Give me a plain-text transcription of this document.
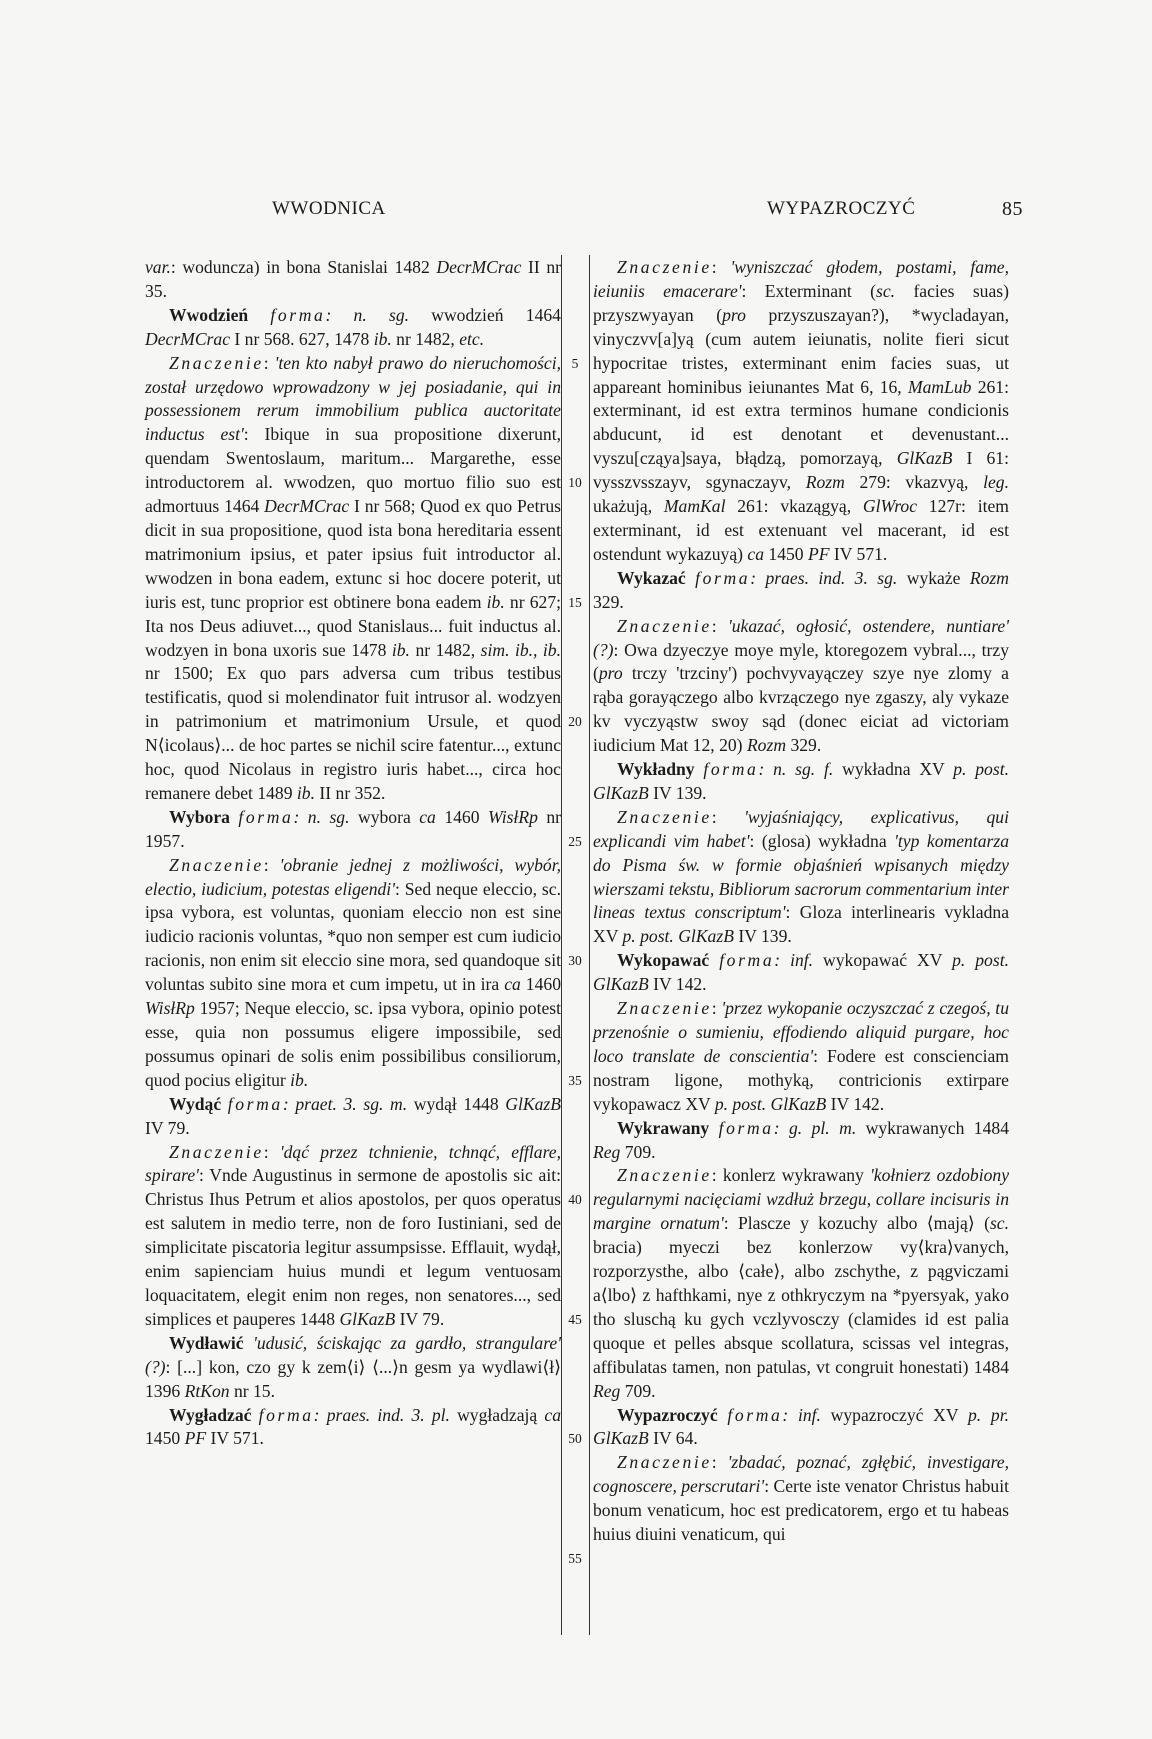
WWODNICA	WYPAZROCZYĆ	85

var.: woduncza) in bona Stanislai 1482 DecrMCrac II nr 35.

Wwodzień forma: n. sg. wwodzień 1464 DecrMCrac I nr 568. 627, 1478 ib. nr 1482, etc.

Znaczenie: 'ten kto nabył prawo do nieruchomości, został urzędowo wprowadzony w jej posiadanie, qui in possessionem rerum immobilium publica auctoritate inductus est': Ibique in sua propositione dixerunt, quendam Swentoslaum, maritum... Margarethe, esse introductorem al. wwodzen, quo mortuo filio suo est admortuus 1464 DecrMCrac I nr 568; Quod ex quo Petrus dicit in sua propositione, quod ista bona hereditaria essent matrimonium ipsius, et pater ipsius fuit introductor al. wwodzen in bona eadem, extunc si hoc docere poterit, ut iuris est, tunc proprior est obtinere bona eadem ib. nr 627; Ita nos Deus adiuvet..., quod Stanislaus... fuit inductus al. wodzyen in bona uxoris sue 1478 ib. nr 1482, sim. ib., ib. nr 1500; Ex quo pars adversa cum tribus testibus testificatis, quod si molendinator fuit intrusor al. wodzyen in patrimonium et matrimonium Ursule, et quod N⟨icolaus⟩... de hoc partes se nichil scire fatentur..., extunc hoc, quod Nicolaus in registro iuris habet..., circa hoc remanere debet 1489 ib. II nr 352.

Wybora forma: n. sg. wybora ca 1460 WisłRp nr 1957.

Znaczenie: 'obranie jednej z możliwości, wybór, electio, iudicium, potestas eligendi': Sed neque eleccio, sc. ipsa vybora, est voluntas, quoniam eleccio non est sine iudicio racionis voluntas, *quo non semper est cum iudicio racionis, non enim sit eleccio sine mora, sed quandoque sit voluntas subito sine mora et cum impetu, ut in ira ca 1460 WisłRp 1957; Neque eleccio, sc. ipsa vybora, opinio potest esse, quia non possumus eligere impossibile, sed possumus opinari de solis enim possibilibus consiliorum, quod pocius eligitur ib.

Wydąć forma: praet. 3. sg. m. wydął 1448 GlKazB IV 79.

Znaczenie: 'dąć przez tchnienie, tchnąć, efflare, spirare': Vnde Augustinus in sermone de apostolis sic ait: Christus Ihus Petrum et alios apostolos, per quos operatus est salutem in medio terre, non de foro Iustiniani, sed de simplicitate piscatoria legitur assumpsisse. Efflauit, wydął, enim sapienciam huius mundi et legum ventuosam loquacitatem, elegit enim non reges, non senatores..., sed simplices et pauperes 1448 GlKazB IV 79.

Wydławić 'udusić, ściskając za gardło, strangulare' (?): [...] kon, czo gy k zem⟨i⟩ ⟨...⟩n gesm ya wydlawi⟨ł⟩ 1396 RtKon nr 15.

Wygładzać forma: praes. ind. 3. pl. wygładzają ca 1450 PF IV 571.

5
10
15
20
25
30
35
40
45
50
55

Znaczenie: 'wyniszczać głodem, postami, fame, ieiuniis emacerare': Exterminant (sc. facies suas) przyszwyayan (pro przyszuszayan?), *wycladayan, vinyczvv[a]yą (cum autem ieiunatis, nolite fieri sicut hypocritae tristes, exterminant enim facies suas, ut appareant hominibus ieiunantes Mat 6, 16, MamLub 261: exterminant, id est extra terminos humane condicionis abducunt, id est denotant et devenustant... vyszu[cząya]saya, błądzą, pomorzayą, GlKazB I 61: vysszvsszayv, sgynaczayv, Rozm 279: vkazvyą, leg. ukażują, MamKal 261: vkazągyą, GlWroc 127r: item exterminant, id est extenuant vel macerant, id est ostendunt wykazuyą) ca 1450 PF IV 571.

Wykazać forma: praes. ind. 3. sg. wykaże Rozm 329.

Znaczenie: 'ukazać, ogłosić, ostendere, nuntiare' (?): Owa dzyeczye moye myle, ktoregozem vybral..., trzy (pro trczy 'trzciny') pochvyvayączey szye nye zlomy a rąba gorayączego albo kvrzączego nye zgaszy, aly vykaze kv vyczyąstw swoy sąd (donec eiciat ad victoriam iudicium Mat 12, 20) Rozm 329.

Wykładny forma: n. sg. f. wykładna XV p. post. GlKazB IV 139.

Znaczenie: 'wyjaśniający, explicativus, qui explicandi vim habet': (glosa) wykładna 'typ komentarza do Pisma św. w formie objaśnień wpisanych między wierszami tekstu, Bibliorum sacrorum commentarium inter lineas textus conscriptum': Gloza interlinearis vykladna XV p. post. GlKazB IV 139.

Wykopawać forma: inf. wykopawać XV p. post. GlKazB IV 142.

Znaczenie: 'przez wykopanie oczyszczać z czegoś, tu przenośnie o sumieniu, effodiendo aliquid purgare, hoc loco translate de conscientia': Fodere est conscienciam nostram ligone, mothyką, contricionis extirpare vykopawacz XV p. post. GlKazB IV 142.

Wykrawany forma: g. pl. m. wykrawanych 1484 Reg 709.

Znaczenie: konlerz wykrawany 'kołnierz ozdobiony regularnymi nacięciami wzdłuż brzegu, collare incisuris in margine ornatum': Plascze y kozuchy albo ⟨mają⟩ (sc. bracia) myeczi bez konlerzow vy⟨kra⟩vanych, rozporzysthe, albo ⟨całe⟩, albo zschythe, z pągviczami a⟨lbo⟩ z hafthkami, nye z othkryczym na *pyersyak, yako tho sluschą ku gych vczlyvosczy (clamides id est palia quoque et pelles absque scollatura, scissas vel integras, affibulatas tamen, non patulas, vt congruit honestati) 1484 Reg 709.

Wypazroczyć forma: inf. wypazroczyć XV p. pr. GlKazB IV 64.

Znaczenie: 'zbadać, poznać, zgłębić, investigare, cognoscere, perscrutari': Certe iste venator Christus habuit bonum venaticum, hoc est predicatorem, ergo et tu habeas huius diuini venaticum, qui
